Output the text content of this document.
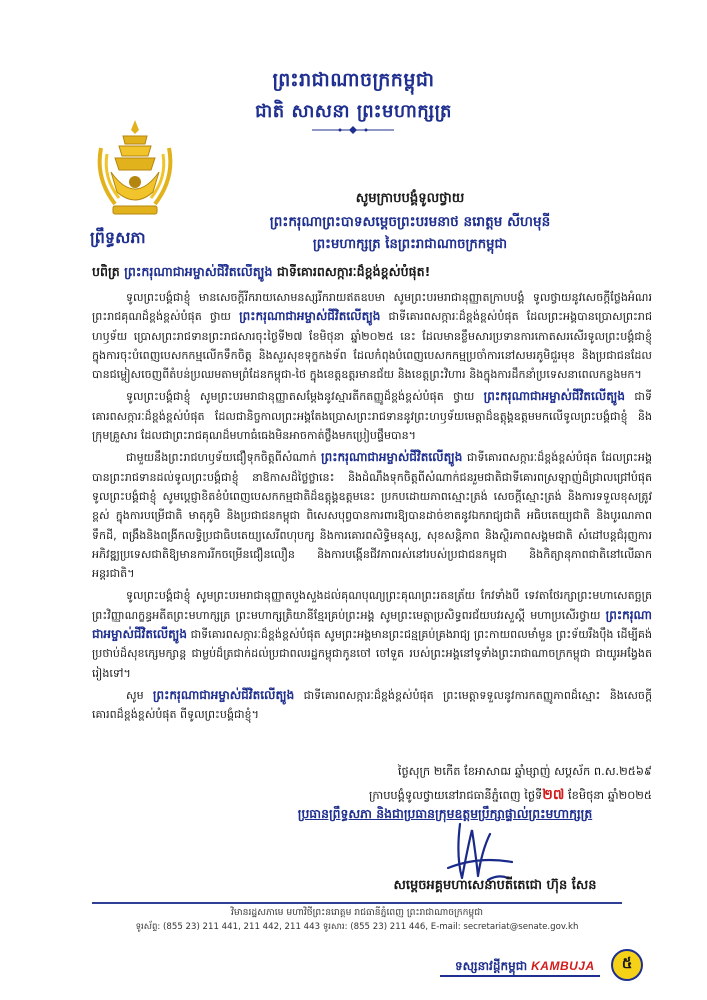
ព្រះរាជាណាចក្រកម្ពុជា
ជាតិ សាសនា ព្រះមហាក្សត្រ
ព្រឹទ្ធសភា
សូមក្រាបបង្គំទូលថ្វាយ
ព្រះករុណាព្រះបាទសម្តេចព្រះបរមនាថ នរោត្តម សីហមុនី
ព្រះមហាក្សត្រ នៃព្រះរាជាណាចក្រកម្ពុជា
បពិត្រ ព្រះករុណាជាអម្ចាស់ជីវិតលើត្បូង ជាទីគោរពសក្ការៈដ៏ខ្ពង់ខ្ពស់បំផុត!

ទូលព្រះបង្គំជាខ្ញុំ មានសេចក្តីរីករាយសោមនស្សរីករាយឥតឧបមា សូមព្រះបរមរាជានុញ្ញាតក្រាបបង្គំ ទូលថ្វាយនូវសេចក្តីថ្លែងអំណរព្រះរាជគុណដ៏ខ្ពង់ខ្ពស់បំផុត ថ្វាយ ព្រះករុណាជាអម្ចាស់ជីវិតលើត្បូង ជាទីគោរពសក្ការៈដ៏ខ្ពង់ខ្ពស់បំផុត ដែលព្រះអង្គបានប្រោសព្រះរាជហឫទ័យ ប្រោសព្រះរាជទានព្រះរាជសារចុះថ្ងៃទី២៧ ខែមិថុនា ឆ្នាំ២០២៥ នេះ ដែលមានខ្លឹមសារប្រទានការកោតសរសើរទូលព្រះបង្គំជាខ្ញុំ ក្នុងការចុះបំពេញបេសកកម្មលើកទឹកចិត្ត និងសួរសុខទុក្ខកងទ័ព ដែលកំពុងបំពេញបេសកកម្មប្រចាំការនៅសមរភូមិជួរមុខ និងប្រជាជនដែលបានជម្លៀសចេញពីតំបន់ប្រឈមតាមព្រំដែនកម្ពុជា-ថៃ ក្នុងខេត្តឧត្តរមានជ័យ និងខេត្តព្រះវិហារ និងក្នុងការដឹកនាំប្រទេសនាពេលកន្លងមក។

ទូលព្រះបង្គំជាខ្ញុំ សូមព្រះបរមរាជានុញ្ញាតសម្តែងនូវស្មារតីកតញ្ញូដ៏ខ្ពង់ខ្ពស់បំផុត ថ្វាយ ព្រះករុណាជាអម្ចាស់ជីវិតលើត្បូង ជាទីគោរពសក្ការៈដ៏ខ្ពង់ខ្ពស់បំផុត ដែលជានិច្ចកាលព្រះអង្គតែងប្រោសព្រះរាជទាននូវព្រះហឫទ័យមេត្តាដ៏ឧត្តុង្គឧត្តមមកលើទូលព្រះបង្គំជាខ្ញុំ និងក្រុមគ្រួសារ ដែលជាព្រះរាជគុណដ៏មហាធំធេងមិនអាចកាត់ថ្លឹងមកប្រៀបផ្ទឹមបាន។

ជាមួយនឹងព្រះរាជហឫទ័យជឿទុកចិត្តពីសំណាក់ ព្រះករុណាជាអម្ចាស់ជីវិតលើត្បូង ជាទីគោរពសក្ការៈដ៏ខ្ពង់ខ្ពស់បំផុត ដែលព្រះអង្គបានព្រះរាជទានដល់ទូលព្រះបង្គំជាខ្ញុំ នាឱកាសដ៏ថ្លៃថ្លានេះ និងដំណឹងទុកចិត្តពីសំណាក់ជនរួមជាតិជាទីគោរពស្រឡាញ់ដ៏ជ្រាលជ្រៅបំផុត ទូលព្រះបង្គំជាខ្ញុំ សូមប្តេជ្ញាខិតខំបំពេញបេសកកម្មជាតិដ៏ឧត្តុង្គឧត្តមនេះ ប្រកបដោយភាពស្មោះត្រង់ សេចក្តីស្មោះត្រង់ និងការទទួលខុសត្រូវខ្ពស់ ក្នុងការបម្រើជាតិ មាតុភូមិ និងប្រជាជនកម្ពុជា ពិសេសបុព្វបានការពារឱ្យបានដាច់ខាតនូវឯករាជ្យជាតិ អធិបតេយ្យជាតិ និងបូរណភាពទឹកដី, ពង្រឹងនិងពង្រីកលទ្ធិប្រជាធិបតេយ្យសេរីពហុបក្ស និងការគោរពសិទ្ធិមនុស្ស, សុខសន្តិភាព និងស្ថិរភាពសង្គមជាតិ សំដៅបន្តជំរុញការអភិវឌ្ឍប្រទេសជាតិឱ្យមានការរីកចម្រើនជឿនលឿន និងការបង្កើនជីវភាពរស់នៅរបស់ប្រជាជនកម្ពុជា និងកិត្យានុភាពជាតិនៅលើឆាកអន្តរជាតិ។

ទូលព្រះបង្គំជាខ្ញុំ សូមព្រះបរមរាជានុញ្ញាតបួងសួងដល់គុណបុណ្យព្រះគុណព្រះរតនត្រ័យ កែវទាំងបី ទេវតាថែរក្សាព្រះមហាសេតច្ឆត្រ ព្រះវិញ្ញាណក្ខន្ធអតីតព្រះមហាក្សត្រ ព្រះមហាក្សត្រិយានីខ្មែរគ្រប់ព្រះអង្គ សូមព្រះមេត្តាប្រសិទ្ធពរជ័យបវរសួស្តី មហាប្រសើរថ្វាយ ព្រះករុណាជាអម្ចាស់ជីវិតលើត្បូង ជាទីគោរពសក្ការៈដ៏ខ្ពង់ខ្ពស់បំផុត សូមព្រះអង្គមានព្រះជន្មគ្រប់គ្រងរាជ្យ ព្រះកាយពលមាំមួន ព្រះទ័យរឹងប៉ឹង ដើម្បីគង់ប្រថាប់ដ៏សុខក្សេមក្សាន្ត ជាម្លប់ដ៏ត្រជាក់ដល់ប្រជាពលរដ្ឋកម្ពុជាកូនចៅ ចៅទួត របស់ព្រះអង្គនៅទូទាំងព្រះរាជាណាចក្រកម្ពុជា ជាយូរអង្វែងតរៀងទៅ។

សូម ព្រះករុណាជាអម្ចាស់ជីវិតលើត្បូង ជាទីគោរពសក្ការៈដ៏ខ្ពង់ខ្ពស់បំផុត ព្រះមេត្តាទទួលនូវការកតញ្ញូភាពដ៏ស្មោះ និងសេចក្តីគោរពដ៏ខ្ពង់ខ្ពស់បំផុត ពីទូលព្រះបង្គំជាខ្ញុំ។

ថ្ងៃសុក្រ ២កើត ខែអាសាឍ ឆ្នាំម្សាញ់ សប្តស័ក ព.ស.២៥៦៩
ក្រាបបង្គំទូលថ្វាយនៅរាជធានីភ្នំពេញ ថ្ងៃទី២៧ ខែមិថុនា ឆ្នាំ២០២៥
ប្រធានព្រឹទ្ធសភា និងជាប្រធានក្រុមឧត្តមប្រឹក្សាផ្ទាល់ព្រះមហាក្សត្រ
សម្តេចអគ្គមហាសេនាបតីតេជោ ហ៊ុន សែន
វិមានរដ្ឋសភាមេ មហាវិថីព្រះនរោត្តម រាជធានីភ្នំពេញ ព្រះរាជាណាចក្រកម្ពុជា
ទូរស័ព្ទ: (855 23) 211 441, 211 442, 211 443 ទូរសារ: (855 23) 211 446, E-mail: secretariat@senate.gov.kh
ទស្សនាវដ្តីកម្ពុជា KAMBUJA	៥
